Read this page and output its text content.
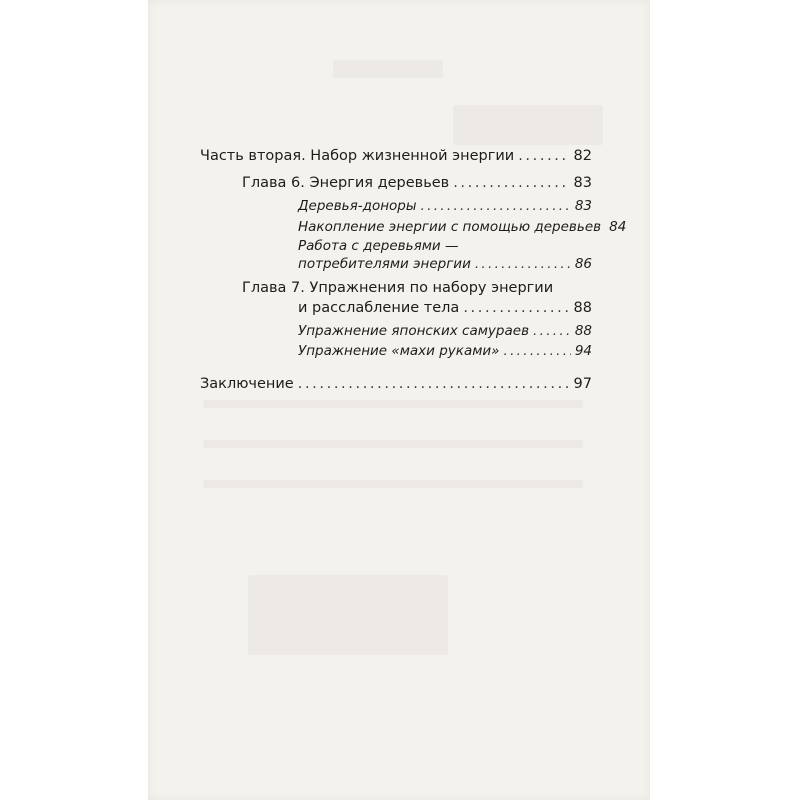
Часть вторая. Набор жизненной энергии . . .	82
Глава 6. Энергия деревьев . . .	83
Деревья-доноры . . .	83
Накопление энергии с помощью деревьев 84
Работа с деревьями —
потребителями энергии . . .	86
Глава 7. Упражнения по набору энергии
и расслабление тела . . .	88
Упражнение японских самураев . . .	88
Упражнение «махи руками» . . .	94
Заключение . . .	97
